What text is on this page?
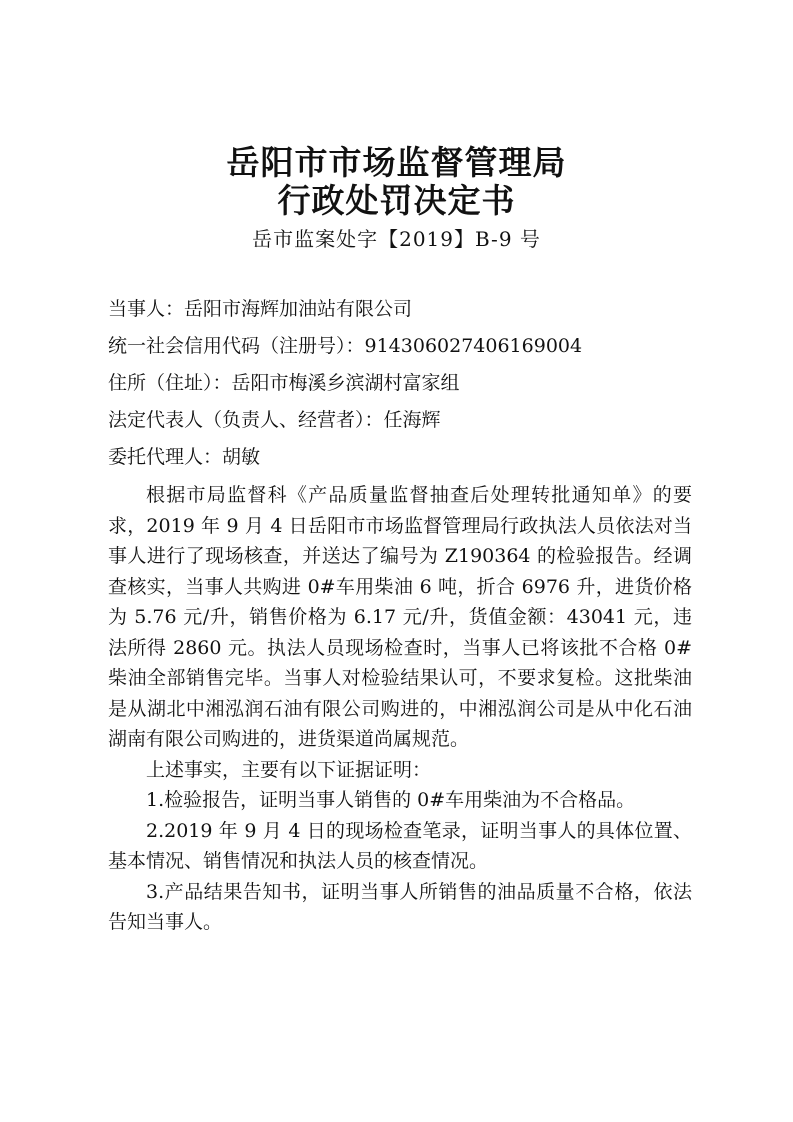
岳阳市市场监督管理局
行政处罚决定书
岳市监案处字【2019】B-9 号
当事人：岳阳市海辉加油站有限公司
统一社会信用代码（注册号）：914306027406169004
住所（住址）：岳阳市梅溪乡滨湖村富家组
法定代表人（负责人、经营者）：任海辉
委托代理人：胡敏

根据市局监督科《产品质量监督抽查后处理转批通知单》的要求，2019 年 9 月 4 日岳阳市市场监督管理局行政执法人员依法对当事人进行了现场核查，并送达了编号为 Z190364 的检验报告。经调查核实，当事人共购进 0#车用柴油 6 吨，折合 6976 升，进货价格为 5.76 元/升，销售价格为 6.17 元/升，货值金额：43041 元，违法所得 2860 元。执法人员现场检查时，当事人已将该批不合格 0#柴油全部销售完毕。当事人对检验结果认可，不要求复检。这批柴油是从湖北中湘泓润石油有限公司购进的，中湘泓润公司是从中化石油湖南有限公司购进的，进货渠道尚属规范。

上述事实，主要有以下证据证明：

1.检验报告，证明当事人销售的 0#车用柴油为不合格品。

2.2019 年 9 月 4 日的现场检查笔录，证明当事人的具体位置、基本情况、销售情况和执法人员的核查情况。

3.产品结果告知书，证明当事人所销售的油品质量不合格，依法告知当事人。
